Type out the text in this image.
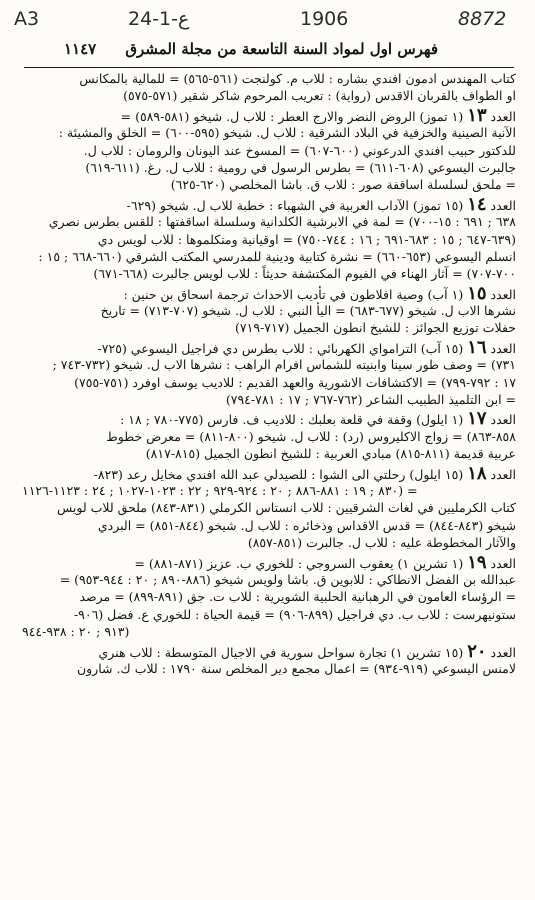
A3	24-1-ع	1906	8872
فهرس اول لمواد السنة التاسعة من مجلة المشرق
١١٤٧
كتاب المهندس ادمون افندي بشاره : للاب م. كولنجت (٥٦١-٥٦٥) = للمالية بالمكانس
او الطواف بالقربان الاقدس (رواية) : تعريب المرحوم شاكر شقير (٥٧١-٥٧٥)
العدد١٣(١ تموز) الروض النضر والارج العطر : للاب ل. شيخو (٥٨١-٥٨٩) =
الآنية الصينية والخزفية في البلاد الشرقية : للاب ل. شيخو (٥٩٥-٦٠٠) = الخلق والمشيئة :
للدكتور حبيب افندي الدرعوني (٦٠٠-٦٠٧) = المسوخ عند اليونان والرومان : للاب ل.
جالبرت اليسوعي (٦٠٨-٦١١) = بطرس الرسول في رومية : للاب ل. رغ. (٦١١-٦١٩)
= ملحق لسلسلة اساقفة صور : للاب ق. باشا المخلصي (٦٢٠-٦٢٥)
العدد١٤(١٥ تموز) الآداب العربية في الشهباء : خطبة للاب ل. شيخو (٦٢٩-
٦٣٨ ; ٦٩١ : ١٥-٧٠٠) = لمة في الابرشية الكلدانية وسلسلة اساقفتها : للقس بطرس نصري
(٦٣٩-٦٤٧ ; ١٥ : ٦٨٣-٦٩١ ; ١٦ : ٧٤٤-٧٥٠) = اوقيانية ومتكلموها : للاب لويس دي
انسلم اليسوعي (٦٥٣-٦٦٠) = نشرة كتابية ودينية للمدرسي المكتب الشرقي (٦٦٠-٦٦٨ ; ١٥ :
٧٠٠-٧٠٧) = آثار الهناء في الفيوم المكتشفة حديثاً : للاب لويس جالبرت (٦٦٨-٦٧١)
العدد١٥(١ آب) وصية افلاطون في تأديب الاحداث ترجمة اسحاق بن حنين :
نشرها الاب ل. شيخو (٦٧٧-٦٨٣) = اليأ النبي : للاب ل. شيخو (٧٠٧-٧١٣) = تاريخ
حفلات توزيع الجوائز : للشيخ انطون الجميل (٧١٧-٧١٩)
العدد١٦(١٥ آب) الترامواي الكهربائي : للاب بطرس دي فراجيل اليسوعي (٧٢٥-
٧٣١) = وصف طور سينا وابنيته للشماس افرام الراهب : نشرها الاب ل. شيخو (٧٣٢-٧٤٣ ;
١٧ : ٧٩٢-٧٩٩) = الاكتشافات الاشورية والعهد القديم : للاديب يوسف اوفرد (٧٥١-٧٥٥)
= ابن التلميذ الطبيب الشاعر (٧٦٢-٧٦٧ ; ١٧ : ٧٨١-٧٩٤)
العدد١٧(١ ايلول) وقفة في قلعة بعلبك : للاديب ف. فارس (٧٧٥-٧٨٠ ; ١٨ :
٨٥٨-٨٦٣) = زواج الاكليروس (رد) : للاب ل. شيخو (٨٠٠-٨١١) = معرض خطوط
عربية قديمة (٨١١-٨١٥) مبادي العربية : للشيخ انطون الجميل (٨١٥-٨١٧)
العدد١٨(١٥ ايلول) رحلتي الى الشوا : للصيدلي عبد الله افندي مخايل رعد (٨٢٣-
٨٣٠ ; ١٩ : ٨٨١-٨٨٦ ; ٢٠ : ٩٢٤-٩٢٩ ; ٢٢ : ١٠٢٣-١٠٢٧ ; ٢٤ : ١١٢٣-١١٢٦) =
كتاب الكرمليين في لغات الشرقيين : للاب انستاس الكرملي (٨٣١-٨٤٣) ملحق للاب لويس
شيخو (٨٤٣-٨٤٤) = قدس الاقداس وذخائره : للاب ل. شيخو (٨٤٤-٨٥١) = البردي
والآثار المخطوطة عليه : للاب ل. جالبرت (٨٥١-٨٥٧)
العدد١٩(١ تشرين ١) يعقوب السروجي : للخوري ب. عزيز (٨٧١-٨٨١) =
عبدالله بن الفضل الانطاكي : للابوين ق. باشا ولويس شيخو (٨٨٦-٨٩٠ ; ٢٠ : ٩٤٤-٩٥٣) =
= الرؤساء العامون في الرهبانية الحلبية الشويرية : للاب ت. جق (٨٩١-٨٩٩) = مرصد
ستونيهرست : للاب ب. دي فراجيل (٨٩٩-٩٠٦) = قيمة الحياة : للخوري ع. فضل (٩٠٦-
٩١٣ ; ٢٠ : ٩٣٨-٩٤٤)
العدد٢٠(١٥ تشرين ١) تجارة سواحل سورية في الاجيال المتوسطة : للاب هنري
لامنس اليسوعي (٩١٩-٩٣٤) = اعمال مجمع دير المخلص سنة ١٧٩٠ : للاب ك. شارون
